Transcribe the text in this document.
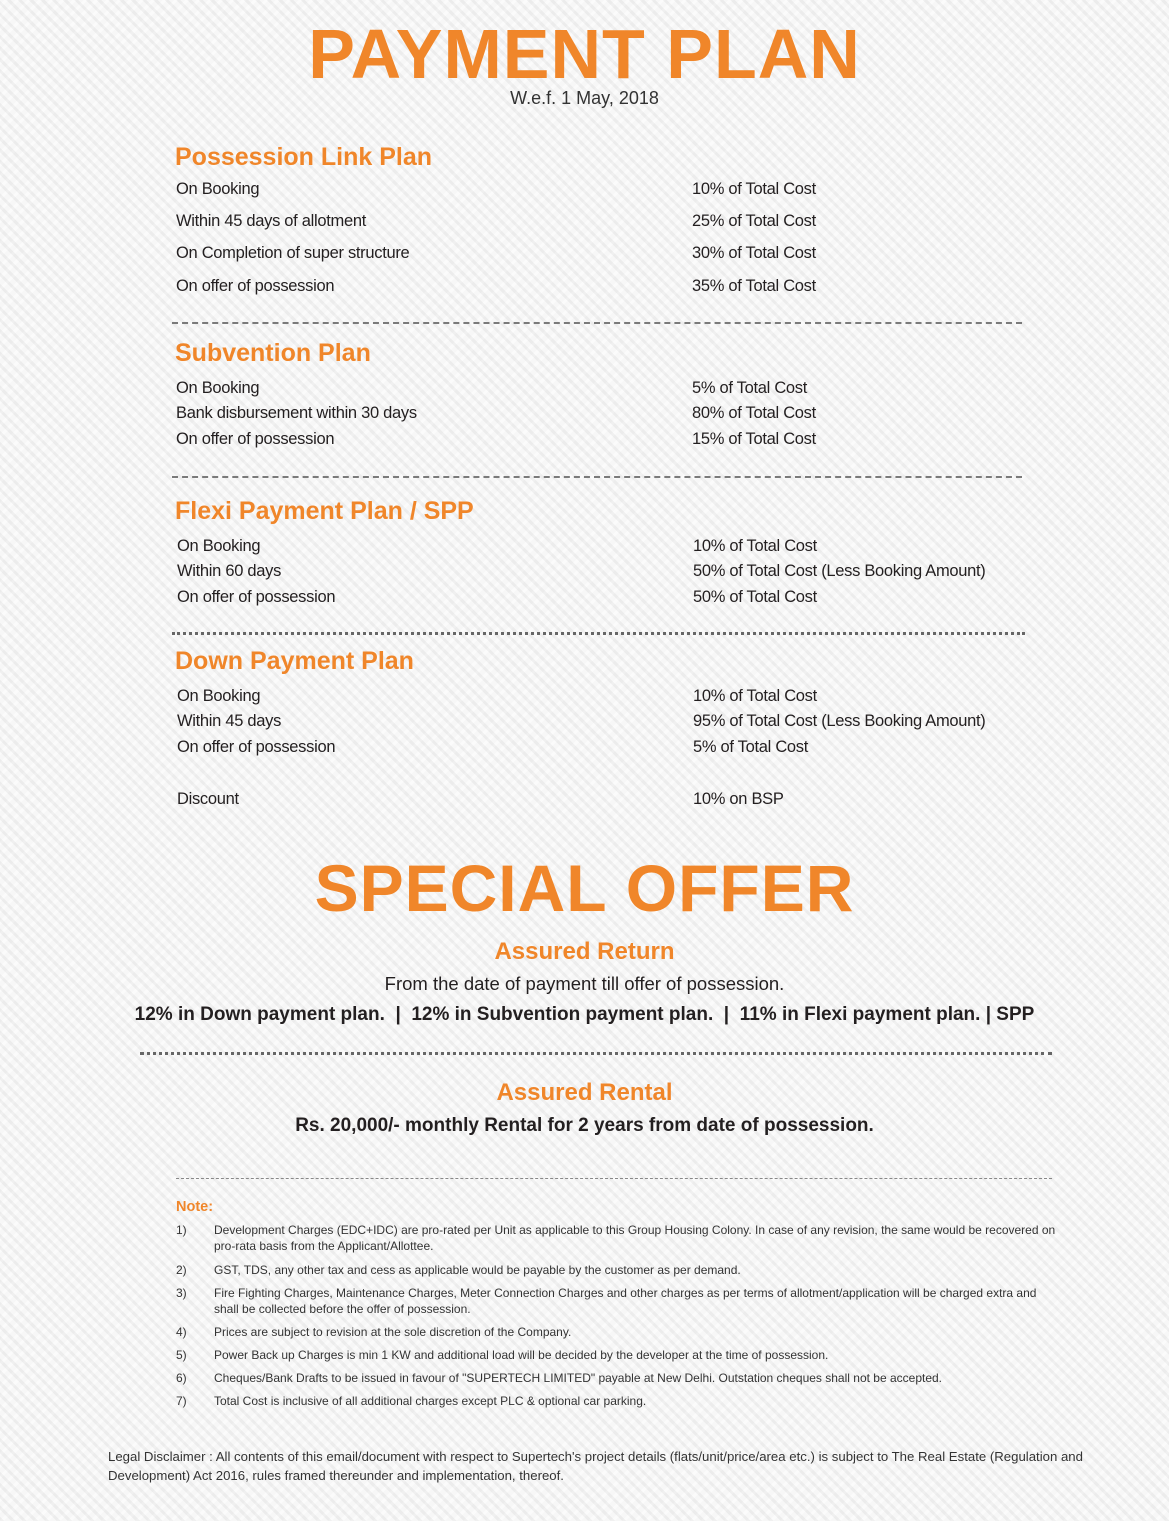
PAYMENT PLAN
W.e.f. 1 May, 2018
Possession Link Plan
On Booking	10% of Total Cost
Within 45 days of allotment	25% of Total Cost
On Completion of super structure	30% of Total Cost
On offer of possession	35% of Total Cost
Subvention Plan
On Booking	5% of Total Cost
Bank disbursement within 30 days	80% of Total Cost
On offer of possession	15% of Total Cost
Flexi Payment Plan / SPP
On Booking	10% of Total Cost
Within 60 days	50% of Total Cost (Less Booking Amount)
On offer of possession	50% of Total Cost
Down Payment Plan
On Booking	10% of Total Cost
Within 45 days	95% of Total Cost (Less Booking Amount)
On offer of possession	5% of Total Cost
Discount	10% on BSP
SPECIAL OFFER
Assured Return
From the date of payment till offer of possession.
12% in Down payment plan.  |  12% in Subvention payment plan.  |  11% in Flexi payment plan. | SPP
Assured Rental
Rs. 20,000/- monthly Rental for 2 years from date of possession.
Note:
1) Development Charges (EDC+IDC) are pro-rated per Unit as applicable to this Group Housing Colony. In case of any revision, the same would be recovered on pro-rata basis from the Applicant/Allottee.
2) GST, TDS, any other tax and cess as applicable would be payable by the customer as per demand.
3) Fire Fighting Charges, Maintenance Charges, Meter Connection Charges and other charges as per terms of allotment/application will be charged extra and shall be collected before the offer of possession.
4) Prices are subject to revision at the sole discretion of the Company.
5) Power Back up Charges is min 1 KW and additional load will be decided by the developer at the time of possession.
6) Cheques/Bank Drafts to be issued in favour of "SUPERTECH LIMITED" payable at New Delhi. Outstation cheques shall not be accepted.
7) Total Cost is inclusive of all additional charges except PLC & optional car parking.
Legal Disclaimer : All contents of this email/document with respect to Supertech's project details (flats/unit/price/area etc.) is subject to The Real Estate (Regulation and Development) Act 2016, rules framed thereunder and implementation, thereof.
